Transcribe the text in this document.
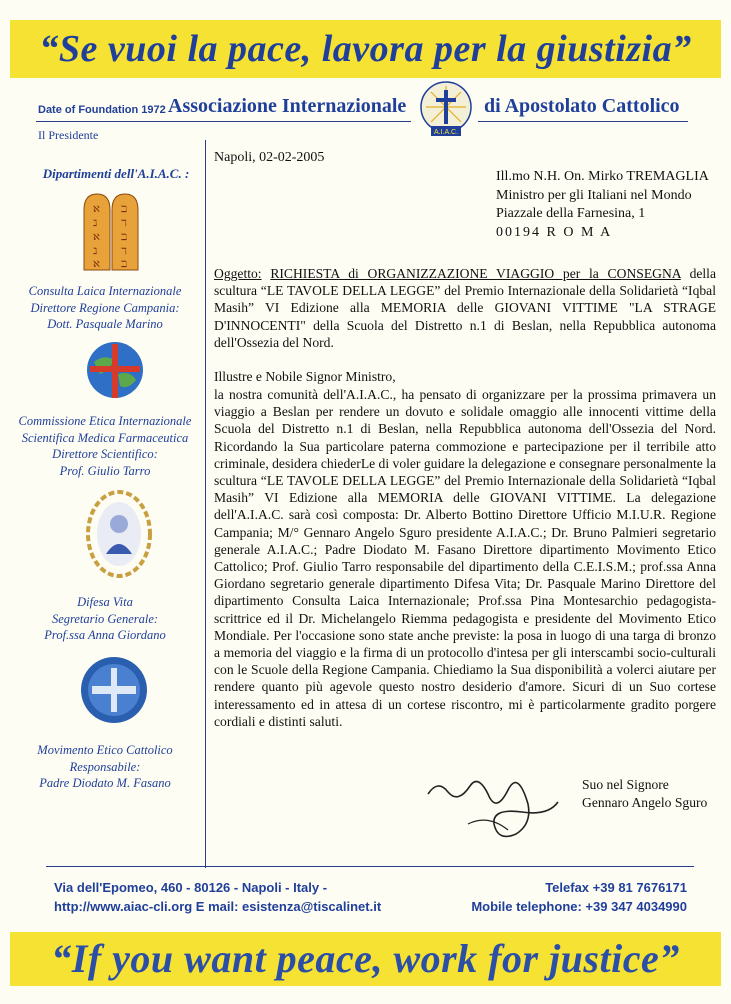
“Se vuoi la pace, lavora per la giustizia”
Date of Foundation 1972 Associazione Internazionale
A.I.A.C.
di Apostolato Cattolico
Il Presidente
Dipartimenti dell'A.I.A.C. :
ℵ ℶ
ℷ	ℸ
ℵ ℶ
ℷ	ℸ
ℵ ℶ
Consulta Laica Internazionale
Direttore Regione Campania:
Dott. Pasquale Marino
Commissione Etica Internazionale
Scientifica Medica Farmaceutica
Direttore Scientifico:
Prof. Giulio Tarro
Difesa Vita
Segretario Generale:
Prof.ssa Anna Giordano
Movimento Etico Cattolico
Responsabile:
Padre Diodato M. Fasano
Napoli, 02-02-2005
Ill.mo N.H. On. Mirko TREMAGLIA
Ministro per gli Italiani nel Mondo
Piazzale della Farnesina, 1
00194 R O M A
Oggetto: RICHIESTA di ORGANIZZAZIONE VIAGGIO per la CONSEGNA della scultura “LE TAVOLE DELLA LEGGE” del Premio Internazionale della Solidarietà “Iqbal Masih” VI Edizione alla MEMORIA delle GIOVANI VITTIME "LA STRAGE D'INNOCENTI" della Scuola del Distretto n.1 di Beslan, nella Repubblica autonoma dell'Ossezia del Nord.
Illustre e Nobile Signor Ministro,
la nostra comunità dell'A.I.A.C., ha pensato di organizzare per la prossima primavera un viaggio a Beslan per rendere un dovuto e solidale omaggio alle innocenti vittime della Scuola del Distretto n.1 di Beslan, nella Repubblica autonoma dell'Ossezia del Nord. Ricordando la Sua particolare paterna commozione e partecipazione per il terribile atto criminale, desidera chiederLe di voler guidare la delegazione e consegnare personalmente la scultura “LE TAVOLE DELLA LEGGE” del Premio Internazionale della Solidarietà “Iqbal Masih” VI Edizione alla MEMORIA delle GIOVANI VITTIME. La delegazione dell'A.I.A.C. sarà così composta: Dr. Alberto Bottino Direttore Ufficio M.I.U.R. Regione Campania; M/° Gennaro Angelo Sguro presidente A.I.A.C.; Dr. Bruno Palmieri segretario generale A.I.A.C.; Padre Diodato M. Fasano Direttore dipartimento Movimento Etico Cattolico; Prof. Giulio Tarro responsabile del dipartimento della C.E.I.S.M.; prof.ssa Anna Giordano segretario generale dipartimento Difesa Vita; Dr. Pasquale Marino Direttore del dipartimento Consulta Laica Internazionale; Prof.ssa Pina Montesarchio pedagogista-scrittrice ed il Dr. Michelangelo Riemma pedagogista e presidente del Movimento Etico Mondiale. Per l'occasione sono state anche previste: la posa in luogo di una targa di bronzo a memoria del viaggio e la firma di un protocollo d'intesa per gli interscambi socio-culturali con le Scuole della Regione Campania. Chiediamo la Sua disponibilità a volerci aiutare per rendere quanto più agevole questo nostro desiderio d'amore. Sicuri di un Suo cortese interessamento ed in attesa di un cortese riscontro, mi è particolarmente gradito porgere cordiali e distinti saluti.
Suo nel Signore
Gennaro Angelo Sguro
Via dell'Epomeo, 460 - 80126 - Napoli - Italy -
http://www.aiac-cli.org E mail: esistenza@tiscalinet.it
Telefax +39 81 7676171
Mobile telephone: +39 347 4034990
“If you want peace, work for justice”
